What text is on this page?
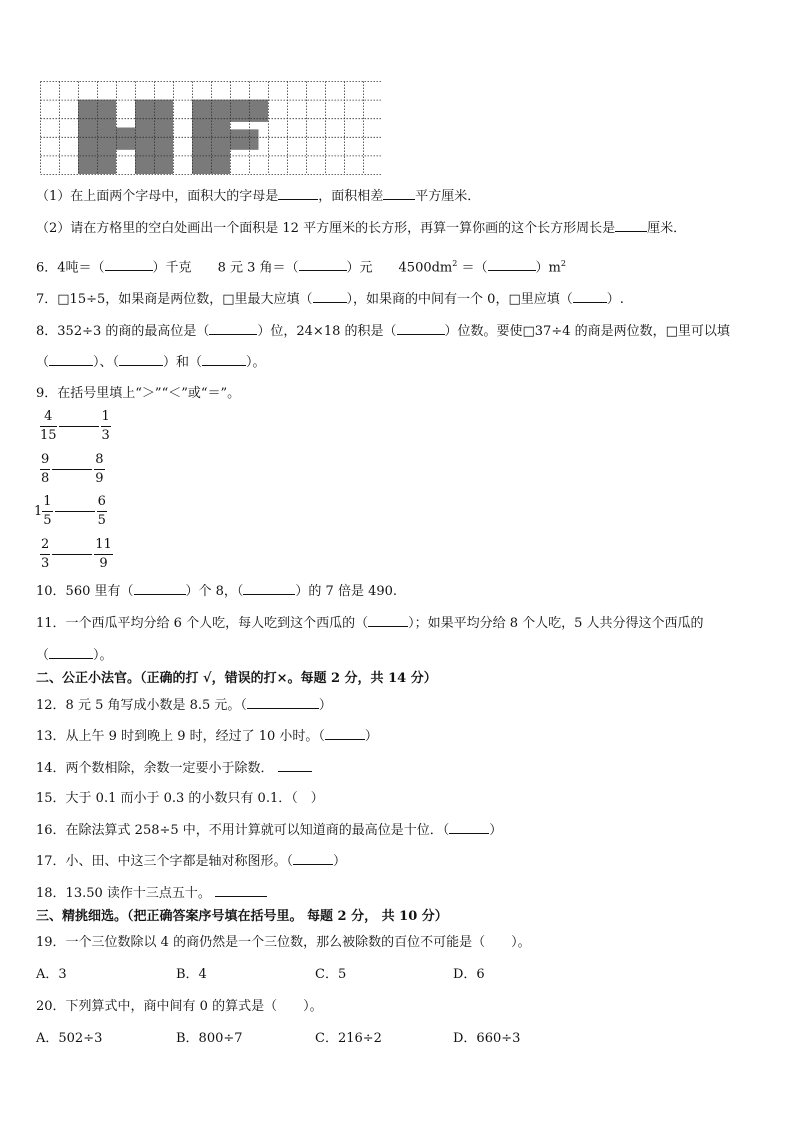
（1）在上面两个字母中，面积大的字母是	，面积相差 平方厘米．
（2）请在方格里的空白处画出一个面积是 12 平方厘米的长方形，再算一算你画的这个长方形周长是 厘米．
6．4吨＝（	）千克 8 元 3 角＝（	）元 $4500dm^2$ ＝（	）$m^2$
7．□15÷5，如果商是两位数，□里最大应填（	），如果商的中间有一个 0，□里应填（	）.
8．352÷3 的商的最高位是（	）位，24×18 的积是（	）位数。要使□37÷4 的商是两位数，□里可以填
（	）、（	）和（	）。
9．在括号里填上“＞”“＜”或“＝”。
$\frac{4}{15}$	$\frac{1}{3}$
$\frac{9}{8}$	$\frac{8}{9}$
$1 \frac{1}{5}$	$\frac{6}{5}$
$\frac{2}{3}$	$\frac{11}{9}$
10．560 里有（	）个 8，（	）的 7 倍是 490.
11．一个西瓜平均分给 6 个人吃，每人吃到这个西瓜的（	）；如果平均分给 8 个人吃，5 人共分得这个西瓜的
（	）。
二、公正小法官。（正确的打 √，错误的打×。每题 2 分，共 14 分）
12．8 元 5 角写成小数是 8.5 元。（	）
13．从上午 9 时到晚上 9 时，经过了 10 小时。（	）
14．两个数相除，余数一定要小于除数．
15．大于 0.1 而小于 0.3 的小数只有 0.1．（　）
16．在除法算式 258÷5 中，不用计算就可以知道商的最高位是十位．（	）
17．小、田、中这三个字都是轴对称图形。（	）
18．13.50 读作十三点五十。
三、精挑细选。（把正确答案序号填在括号里。 每题 2 分， 共 10 分）
19．一个三位数除以 4 的商仍然是一个三位数，那么被除数的百位不可能是（　　）。
A．3	B．4	C．5	D．6
20．下列算式中，商中间有 0 的算式是（　　）。
A．502÷3	B．800÷7	C．216÷2	D．660÷3
